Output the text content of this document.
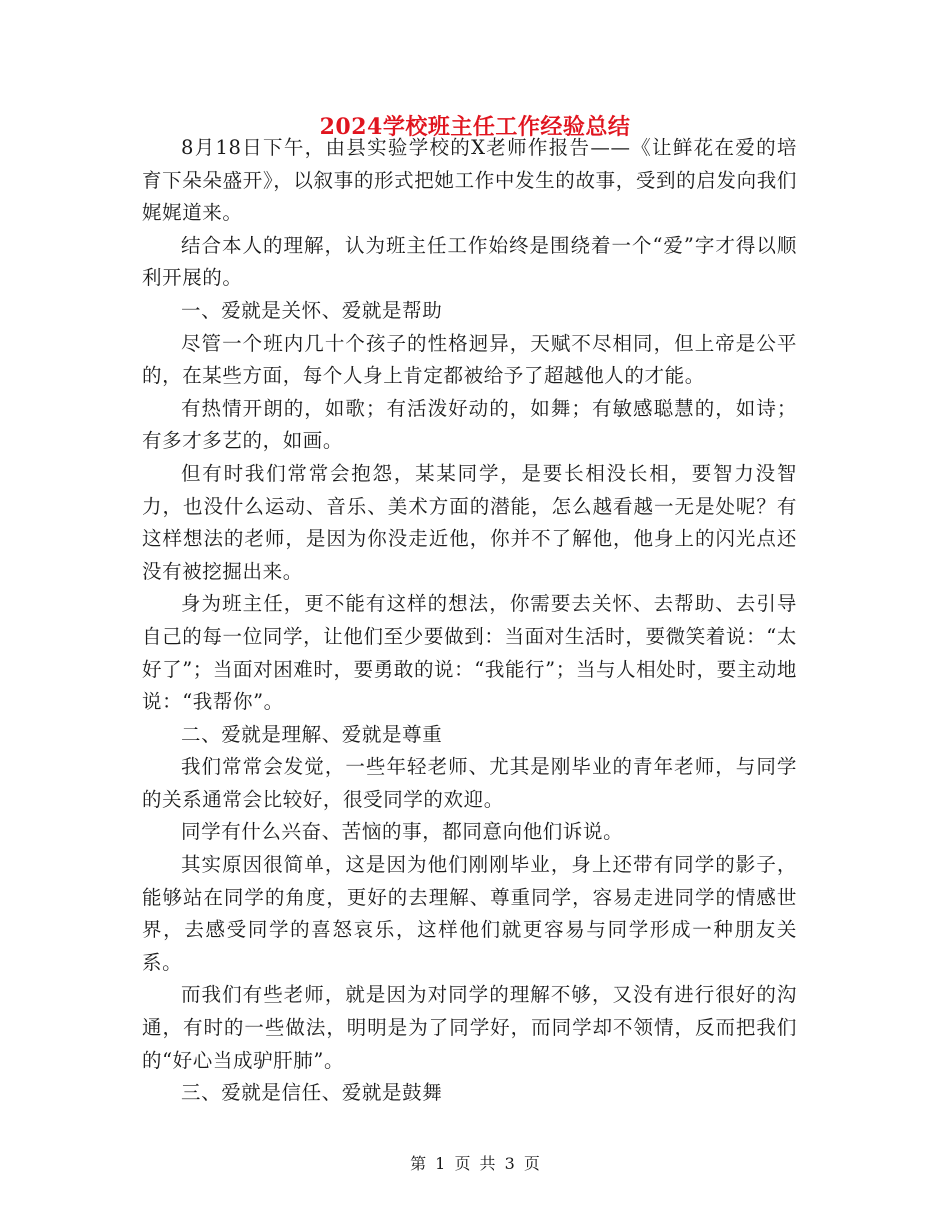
2024学校班主任工作经验总结

8月18日下午，由县实验学校的X老师作报告——《让鲜花在爱的培育下朵朵盛开》，以叙事的形式把她工作中发生的故事，受到的启发向我们娓娓道来。

结合本人的理解，认为班主任工作始终是围绕着一个“爱”字才得以顺利开展的。

一、爱就是关怀、爱就是帮助

尽管一个班内几十个孩子的性格迥异，天赋不尽相同，但上帝是公平的，在某些方面，每个人身上肯定都被给予了超越他人的才能。

有热情开朗的，如歌；有活泼好动的，如舞；有敏感聪慧的，如诗；有多才多艺的，如画。

但有时我们常常会抱怨，某某同学，是要长相没长相，要智力没智力，也没什么运动、音乐、美术方面的潜能，怎么越看越一无是处呢？有这样想法的老师，是因为你没走近他，你并不了解他，他身上的闪光点还没有被挖掘出来。

身为班主任，更不能有这样的想法，你需要去关怀、去帮助、去引导自己的每一位同学，让他们至少要做到：当面对生活时，要微笑着说：“太好了”；当面对困难时，要勇敢的说：“我能行”；当与人相处时，要主动地说：“我帮你”。

二、爱就是理解、爱就是尊重

我们常常会发觉，一些年轻老师、尤其是刚毕业的青年老师，与同学的关系通常会比较好，很受同学的欢迎。

同学有什么兴奋、苦恼的事，都同意向他们诉说。

其实原因很简单，这是因为他们刚刚毕业，身上还带有同学的影子，能够站在同学的角度，更好的去理解、尊重同学，容易走进同学的情感世界，去感受同学的喜怒哀乐，这样他们就更容易与同学形成一种朋友关系。

而我们有些老师，就是因为对同学的理解不够，又没有进行很好的沟通，有时的一些做法，明明是为了同学好，而同学却不领情，反而把我们的“好心当成驴肝肺”。

三、爱就是信任、爱就是鼓舞

第 1 页 共 3 页
